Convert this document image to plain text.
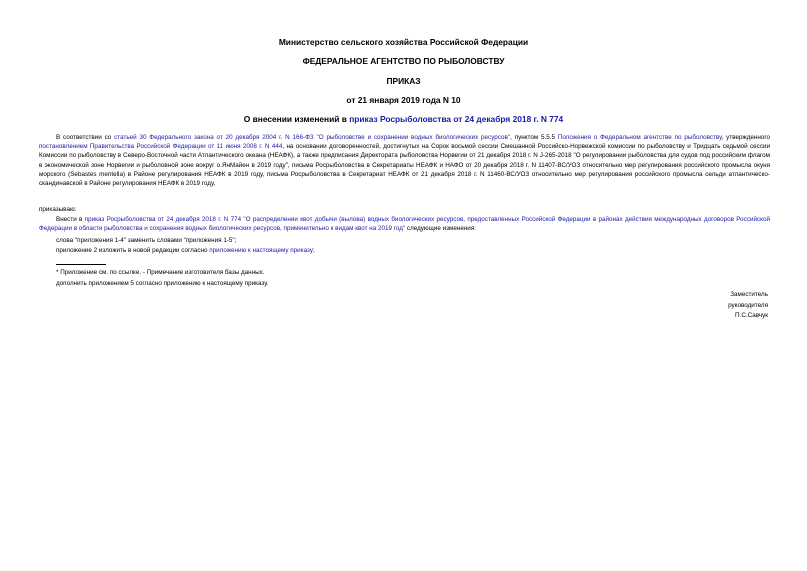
Министерство сельского хозяйства Российской Федерации
ФЕДЕРАЛЬНОЕ АГЕНТСТВО ПО РЫБОЛОВСТВУ
ПРИКАЗ
от 21 января 2019 года N 10
О внесении изменений в приказ Росрыболовства от 24 декабря 2018 г. N 774
В соответствии со статьей 30 Федерального закона от 20 декабря 2004 г. N 166-ФЗ "О рыболовстве и сохранении водных биологических ресурсов", пунктом 5.5.5 Положения о Федеральном агентстве по рыболовству, утвержденного постановлением Правительства Российской Федерации от 11 июня 2008 г. N 444, на основании договоренностей, достигнутых на Сорок восьмой сессии Смешанной Российско-Норвежской комиссии по рыболовству и Тридцать седьмой сессии Комиссии по рыболовству в Северо-Восточной части Атлантического океана (НЕАФК), а также предписания Директората рыболовства Норвегии от 21 декабря 2018 г. N J-265-2018 "О регулировании рыболовства для судов под российским флагом в экономической зоне Норвегии и рыболовной зоне вокруг о.ЯнМайен в 2019 году", письма Росрыболовства в Секретариаты НЕАФК и НАФО от 20 декабря 2018 г. N 11407-ВС/УОЗ относительно мер регулирования российского промысла окуня морского (Sebastes mentella) в Районе регулирования НЕАФК в 2019 году, письма Росрыболовства в Секретариат НЕАФК от 21 декабря 2018 г. N 11460-ВС/УОЗ относительно мер регулирования российского промысла сельди атлантическо-скандинавской в Районе регулирования НЕАФК в 2019 году,
приказываю:
Внести в приказ Росрыболовства от 24 декабря 2018 г. N 774 "О распределении квот добычи (вылова) водных биологических ресурсов, предоставленных Российской Федерации в районах действия международных договоров Российской Федерации в области рыболовства и сохранения водных биологических ресурсов, применительно к видам квот на 2019 год" следующие изменения:
слова "приложения 1-4" заменить словами "приложения 1-5";
приложение 2 изложить в новой редакции согласно приложению к настоящему приказу;
* Приложение см. по ссылке. - Примечание изготовителя базы данных.
дополнить приложением 5 согласно приложению к настоящему приказу.
Заместитель
руководителя
П.С.Савчук
